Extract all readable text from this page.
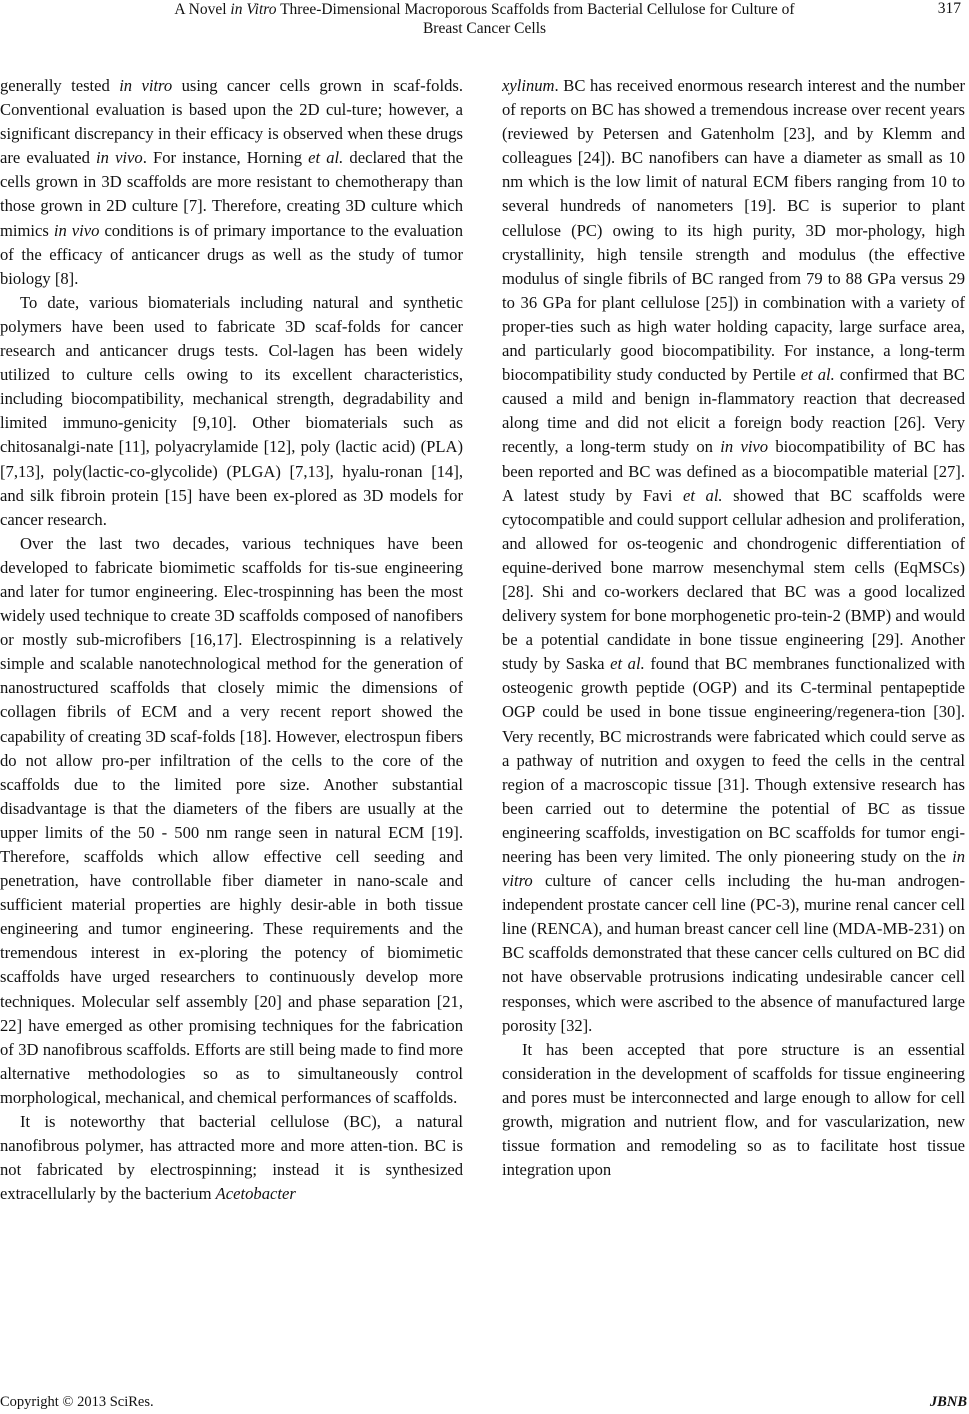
A Novel in Vitro Three-Dimensional Macroporous Scaffolds from Bacterial Cellulose for Culture of
Breast Cancer Cells
317

generally tested in vitro using cancer cells grown in scaf-folds. Conventional evaluation is based upon the 2D cul-ture; however, a significant discrepancy in their efficacy is observed when these drugs are evaluated in vivo. For instance, Horning et al. declared that the cells grown in 3D scaffolds are more resistant to chemotherapy than those grown in 2D culture [7]. Therefore, creating 3D culture which mimics in vivo conditions is of primary importance to the evaluation of the efficacy of anticancer drugs as well as the study of tumor biology [8].

To date, various biomaterials including natural and synthetic polymers have been used to fabricate 3D scaf-folds for cancer research and anticancer drugs tests. Col-lagen has been widely utilized to culture cells owing to its excellent characteristics, including biocompatibility, mechanical strength, degradability and limited immuno-genicity [9,10]. Other biomaterials such as chitosanalgi-nate [11], polyacrylamide [12], poly (lactic acid) (PLA) [7,13], poly(lactic-co-glycolide) (PLGA) [7,13], hyalu-ronan [14], and silk fibroin protein [15] have been ex-plored as 3D models for cancer research.

Over the last two decades, various techniques have been developed to fabricate biomimetic scaffolds for tis-sue engineering and later for tumor engineering. Elec-trospinning has been the most widely used technique to create 3D scaffolds composed of nanofibers or mostly sub-microfibers [16,17]. Electrospinning is a relatively simple and scalable nanotechnological method for the generation of nanostructured scaffolds that closely mimic the dimensions of collagen fibrils of ECM and a very recent report showed the capability of creating 3D scaf-folds [18]. However, electrospun fibers do not allow pro-per infiltration of the cells to the core of the scaffolds due to the limited pore size. Another substantial disadvantage is that the diameters of the fibers are usually at the upper limits of the 50 - 500 nm range seen in natural ECM [19]. Therefore, scaffolds which allow effective cell seeding and penetration, have controllable fiber diameter in nano-scale and sufficient material properties are highly desir-able in both tissue engineering and tumor engineering. These requirements and the tremendous interest in ex-ploring the potency of biomimetic scaffolds have urged researchers to continuously develop more techniques. Molecular self assembly [20] and phase separation [21, 22] have emerged as other promising techniques for the fabrication of 3D nanofibrous scaffolds. Efforts are still being made to find more alternative methodologies so as to simultaneously control morphological, mechanical, and chemical performances of scaffolds.

It is noteworthy that bacterial cellulose (BC), a natural nanofibrous polymer, has attracted more and more atten-tion. BC is not fabricated by electrospinning; instead it is synthesized extracellularly by the bacterium Acetobacter

xylinum. BC has received enormous research interest and the number of reports on BC has showed a tremendous increase over recent years (reviewed by Petersen and Gatenholm [23], and by Klemm and colleagues [24]). BC nanofibers can have a diameter as small as 10 nm which is the low limit of natural ECM fibers ranging from 10 to several hundreds of nanometers [19]. BC is superior to plant cellulose (PC) owing to its high purity, 3D mor-phology, high crystallinity, high tensile strength and modulus (the effective modulus of single fibrils of BC ranged from 79 to 88 GPa versus 29 to 36 GPa for plant cellulose [25]) in combination with a variety of proper-ties such as high water holding capacity, large surface area, and particularly good biocompatibility. For instance, a long-term biocompatibility study conducted by Pertile et al. confirmed that BC caused a mild and benign in-flammatory reaction that decreased along time and did not elicit a foreign body reaction [26]. Very recently, a long-term study on in vivo biocompatibility of BC has been reported and BC was defined as a biocompatible material [27]. A latest study by Favi et al. showed that BC scaffolds were cytocompatible and could support cellular adhesion and proliferation, and allowed for os-teogenic and chondrogenic differentiation of equine-derived bone marrow mesenchymal stem cells (EqMSCs) [28]. Shi and co-workers declared that BC was a good localized delivery system for bone morphogenetic pro-tein-2 (BMP) and would be a potential candidate in bone tissue engineering [29]. Another study by Saska et al. found that BC membranes functionalized with osteogenic growth peptide (OGP) and its C-terminal pentapeptide OGP could be used in bone tissue engineering/regenera-tion [30]. Very recently, BC microstrands were fabricated which could serve as a pathway of nutrition and oxygen to feed the cells in the central region of a macroscopic tissue [31]. Though extensive research has been carried out to determine the potential of BC as tissue engineering scaffolds, investigation on BC scaffolds for tumor engi-neering has been very limited. The only pioneering study on the in vitro culture of cancer cells including the hu-man androgen-independent prostate cancer cell line (PC-3), murine renal cancer cell line (RENCA), and human breast cancer cell line (MDA-MB-231) on BC scaffolds demonstrated that these cancer cells cultured on BC did not have observable protrusions indicating undesirable cancer cell responses, which were ascribed to the absence of manufactured large porosity [32].

It has been accepted that pore structure is an essential consideration in the development of scaffolds for tissue engineering and pores must be interconnected and large enough to allow for cell growth, migration and nutrient flow, and for vascularization, new tissue formation and remodeling so as to facilitate host tissue integration upon

Copyright © 2013 SciRes.	JBNB
